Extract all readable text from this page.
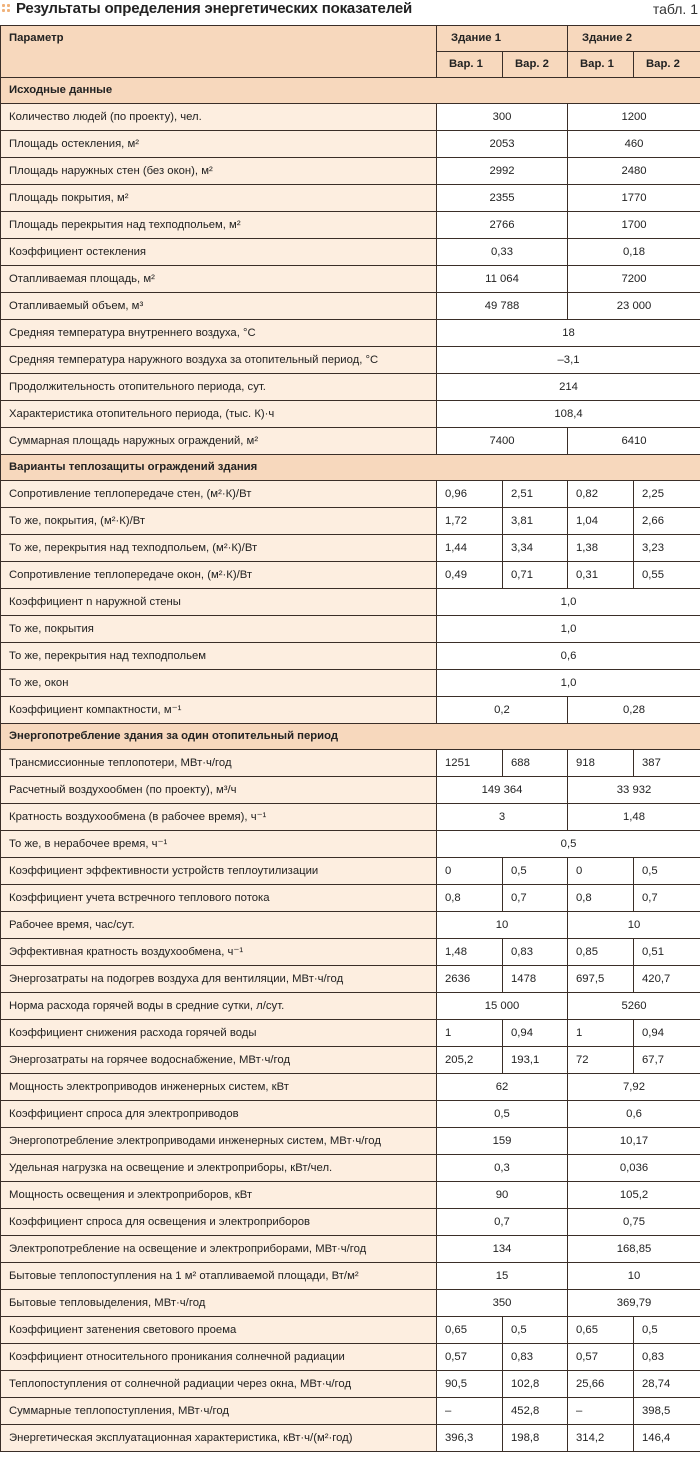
Результаты определения энергетических показателей	табл. 1
Параметр	Здание 1		Здание 2	
	Вар. 1	Вар. 2	Вар. 1	Вар. 2
Исходные данные				
Количество людей (по проекту), чел.	300		1200	
Площадь остекления, м²	2053		460	
Площадь наружных стен (без окон), м²	2992		2480	
Площадь покрытия, м²	2355		1770	
Площадь перекрытия над техподпольем, м²	2766		1700	
Коэффициент остекления	0,33		0,18	
Отапливаемая площадь, м²	11 064		7200	
Отапливаемый объем, м³	49 788		23 000	
Средняя температура внутреннего воздуха, °С	18			
Средняя температура наружного воздуха за отопительный период, °С	–3,1			
Продолжительность отопительного периода, сут.	214			
Характеристика отопительного периода, (тыс. К)·ч	108,4			
Суммарная площадь наружных ограждений, м²	7400		6410	
Варианты теплозащиты ограждений здания				
Сопротивление теплопередаче стен, (м²·К)/Вт	0,96	2,51	0,82	2,25
То же, покрытия, (м²·К)/Вт	1,72	3,81	1,04	2,66
То же, перекрытия над техподпольем, (м²·К)/Вт	1,44	3,34	1,38	3,23
Сопротивление теплопередаче окон, (м²·К)/Вт	0,49	0,71	0,31	0,55
Коэффициент n наружной стены	1,0			
То же, покрытия	1,0			
То же, перекрытия над техподпольем	0,6			
То же, окон	1,0			
Коэффициент компактности, м⁻¹	0,2		0,28	
Энергопотребление здания за один отопительный период				
Трансмиссионные теплопотери, МВт·ч/год	1251	688	918	387
Расчетный воздухообмен (по проекту), м³/ч	149 364		33 932	
Кратность воздухообмена (в рабочее время), ч⁻¹	3		1,48	
То же, в нерабочее время, ч⁻¹	0,5			
Коэффициент эффективности устройств теплоутилизации	0	0,5	0	0,5
Коэффициент учета встречного теплового потока	0,8	0,7	0,8	0,7
Рабочее время, час/сут.	10		10	
Эффективная кратность воздухообмена, ч⁻¹	1,48	0,83	0,85	0,51
Энергозатраты на подогрев воздуха для вентиляции, МВт·ч/год	2636	1478	697,5	420,7
Норма расхода горячей воды в средние сутки, л/сут.	15 000		5260	
Коэффициент снижения расхода горячей воды	1	0,94	1	0,94
Энергозатраты на горячее водоснабжение, МВт·ч/год	205,2	193,1	72	67,7
Мощность электроприводов инженерных систем, кВт	62		7,92	
Коэффициент спроса для электроприводов	0,5		0,6	
Энергопотребление электроприводами инженерных систем, МВт·ч/год	159		10,17	
Удельная нагрузка на освещение и электроприборы, кВт/чел.	0,3		0,036	
Мощность освещения и электроприборов, кВт	90		105,2	
Коэффициент спроса для освещения и электроприборов	0,7		0,75	
Электропотребление на освещение и электроприборами, МВт·ч/год	134		168,85	
Бытовые теплопоступления на 1 м² отапливаемой площади, Вт/м²	15		10	
Бытовые тепловыделения, МВт·ч/год	350		369,79	
Коэффициент затенения светового проема	0,65	0,5	0,65	0,5
Коэффициент относительного проникания солнечной радиации	0,57	0,83	0,57	0,83
Теплопоступления от солнечной радиации через окна, МВт·ч/год	90,5	102,8	25,66	28,74
Суммарные теплопоступления, МВт·ч/год	–	452,8	–	398,5
Энергетическая эксплуатационная характеристика, кВт·ч/(м²·год)	396,3	198,8	314,2	146,4
